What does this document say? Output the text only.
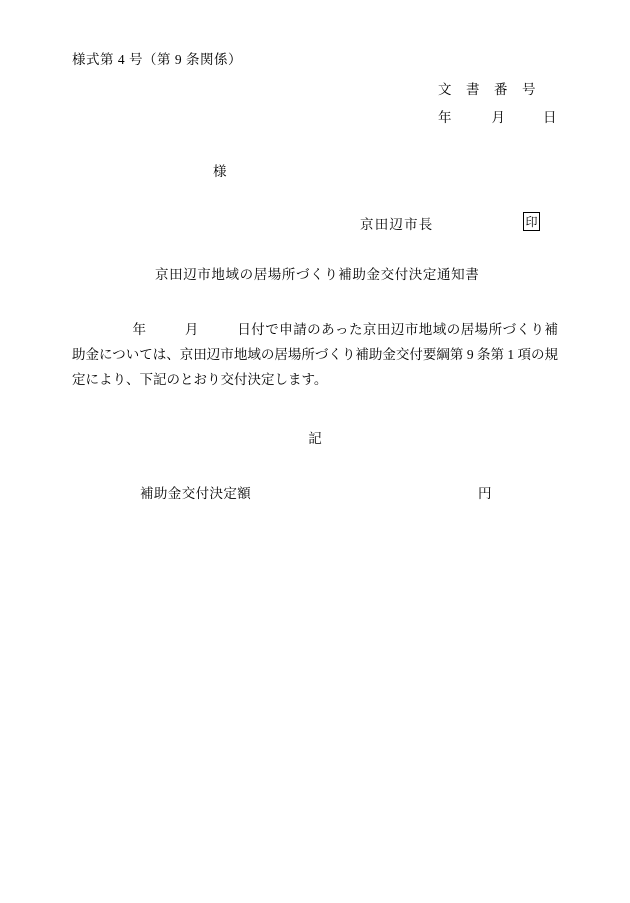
様式第 4 号（第 9 条関係）
文　書　番　号
年	月	日
様
京田辺市長	印
京田辺市地域の居場所づくり補助金交付決定通知書
年	月	日付で申請のあった京田辺市地域の居場所づくり補助金については、京田辺市地域の居場所づくり補助金交付要綱第 9 条第 1 項の規定により、下記のとおり交付決定します。
記
補助金交付決定額	円
